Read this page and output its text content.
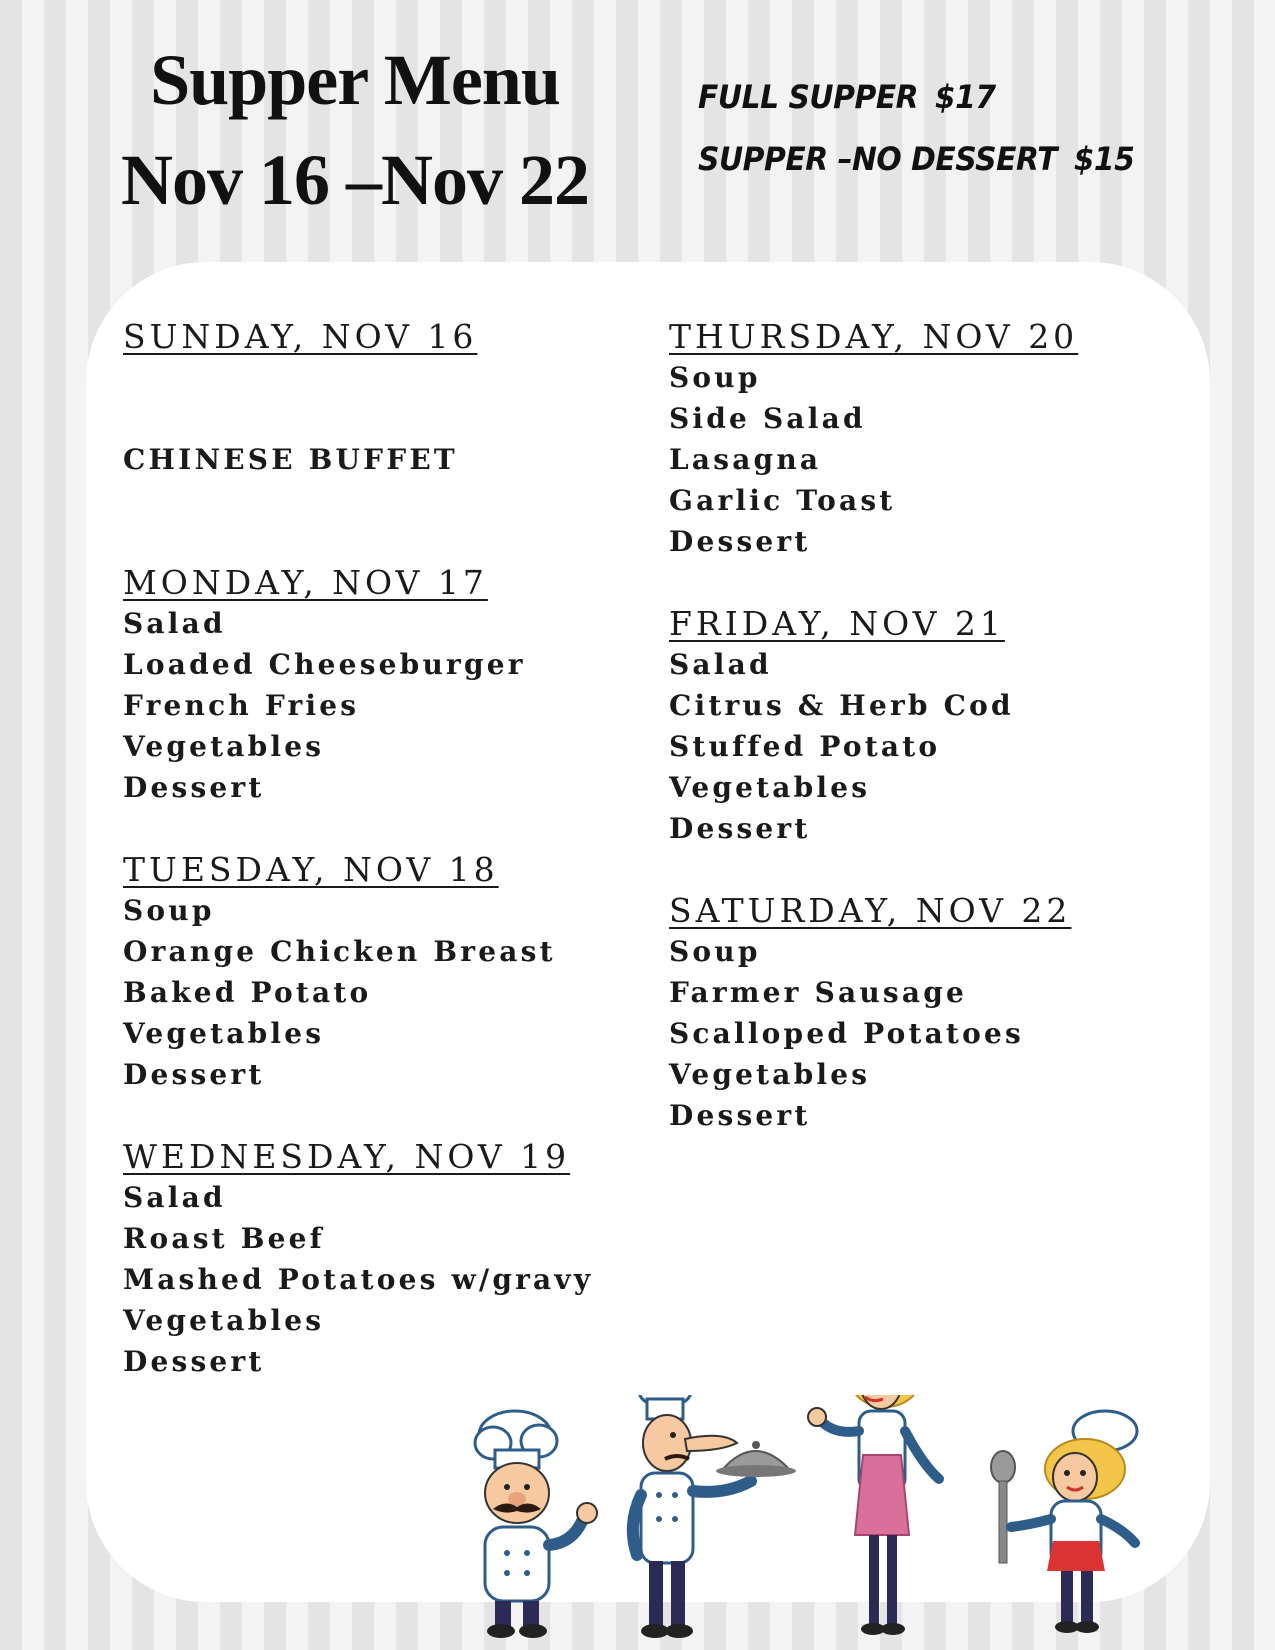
Supper Menu
Nov 16 –Nov 22
FULL SUPPER $17
SUPPER –NO DESSERT $15
SUNDAY, NOV 16
CHINESE BUFFET
MONDAY, NOV 17
Salad
Loaded Cheeseburger
French Fries
Vegetables
Dessert
TUESDAY, NOV 18
Soup
Orange Chicken Breast
Baked Potato
Vegetables
Dessert
WEDNESDAY, NOV 19
Salad
Roast Beef
Mashed Potatoes w/gravy
Vegetables
Dessert
THURSDAY, NOV 20
Soup
Side Salad
Lasagna
Garlic Toast
Dessert
FRIDAY, NOV 21
Salad
Citrus & Herb Cod
Stuffed Potato
Vegetables
Dessert
SATURDAY, NOV 22
Soup
Farmer Sausage
Scalloped Potatoes
Vegetables
Dessert
